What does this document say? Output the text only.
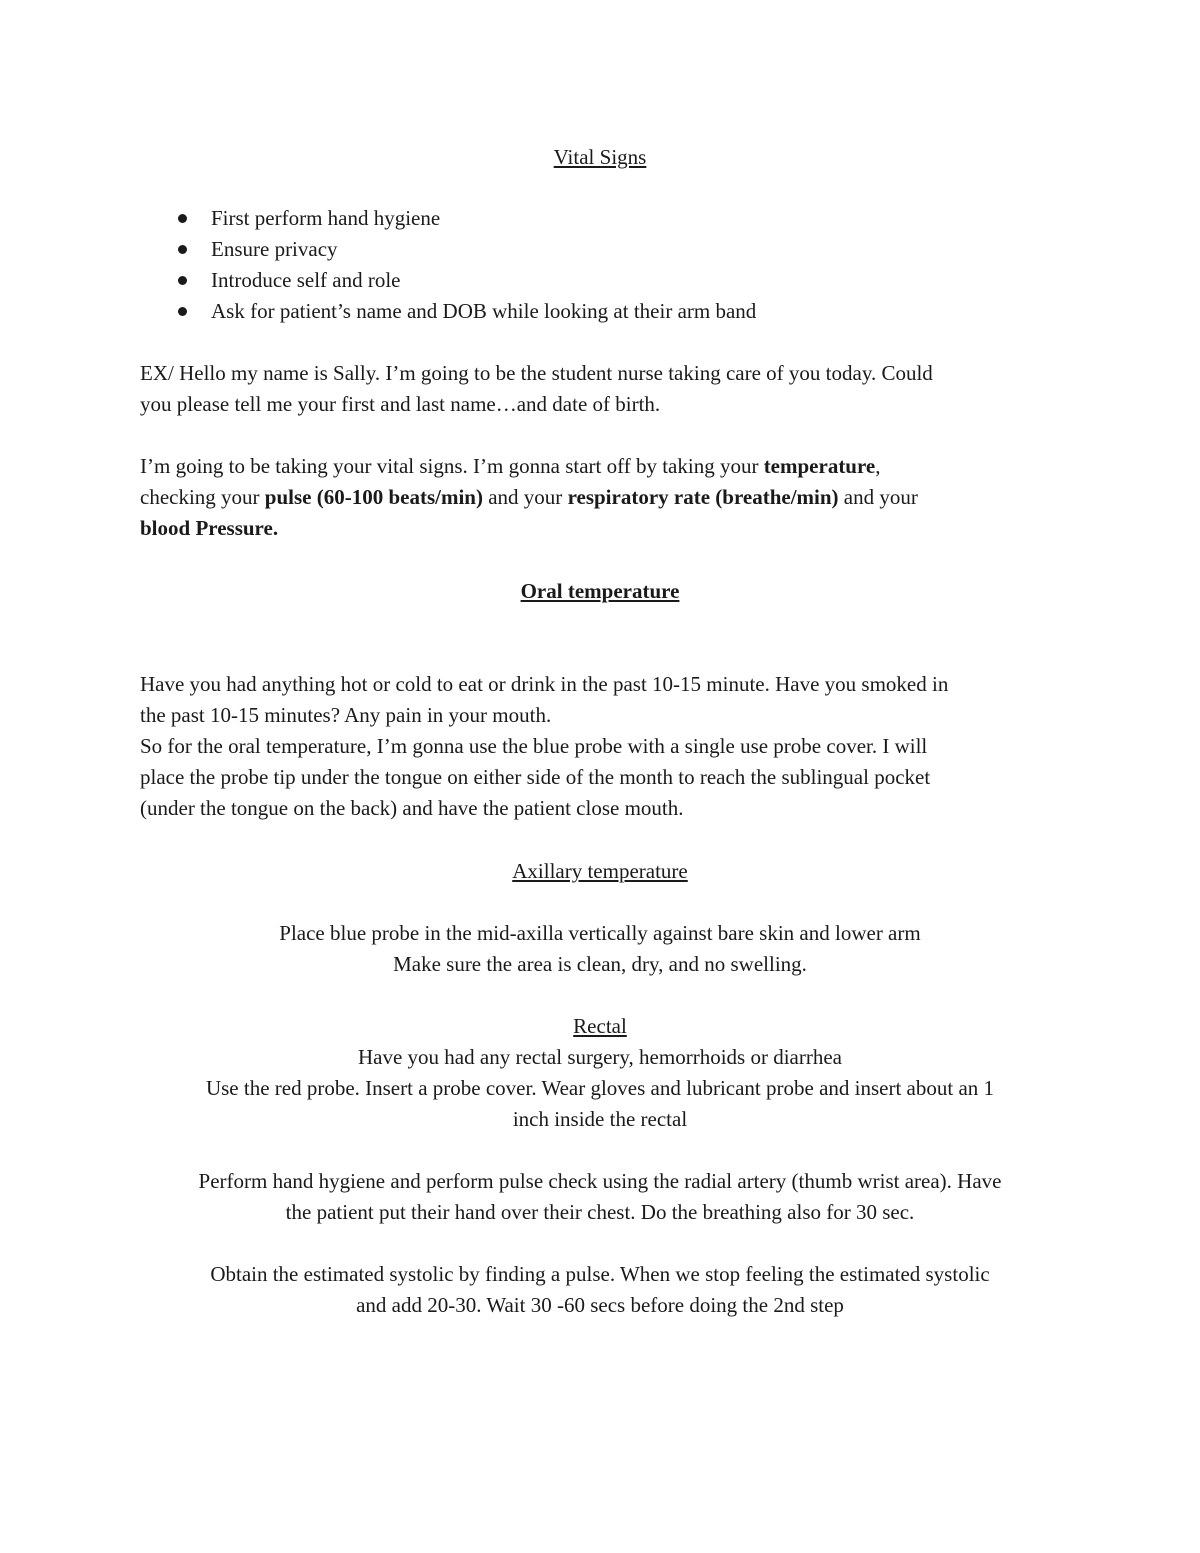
Vital Signs
First perform hand hygiene
Ensure privacy
Introduce self and role
Ask for patient’s name and DOB while looking at their arm band
EX/ Hello my name is Sally. I’m going to be the student nurse taking care of you today. Could
you please tell me your first and last name…and date of birth.
I’m going to be taking your vital signs. I’m gonna start off by taking your temperature,
checking your pulse (60-100 beats/min) and your respiratory rate (breathe/min) and your
blood Pressure.
Oral temperature
Have you had anything hot or cold to eat or drink in the past 10-15 minute. Have you smoked in
the past 10-15 minutes? Any pain in your mouth.
So for the oral temperature, I’m gonna use the blue probe with a single use probe cover. I will
place the probe tip under the tongue on either side of the month to reach the sublingual pocket
(under the tongue on the back) and have the patient close mouth.
Axillary temperature
Place blue probe in the mid-axilla vertically against bare skin and lower arm
Make sure the area is clean, dry, and no swelling.
Rectal
Have you had any rectal surgery, hemorrhoids or diarrhea
Use the red probe. Insert a probe cover. Wear gloves and lubricant probe and insert about an 1
inch inside the rectal
Perform hand hygiene and perform pulse check using the radial artery (thumb wrist area). Have
the patient put their hand over their chest. Do the breathing also for 30 sec.
Obtain the estimated systolic by finding a pulse. When we stop feeling the estimated systolic
and add 20-30. Wait 30 -60 secs before doing the 2nd step
